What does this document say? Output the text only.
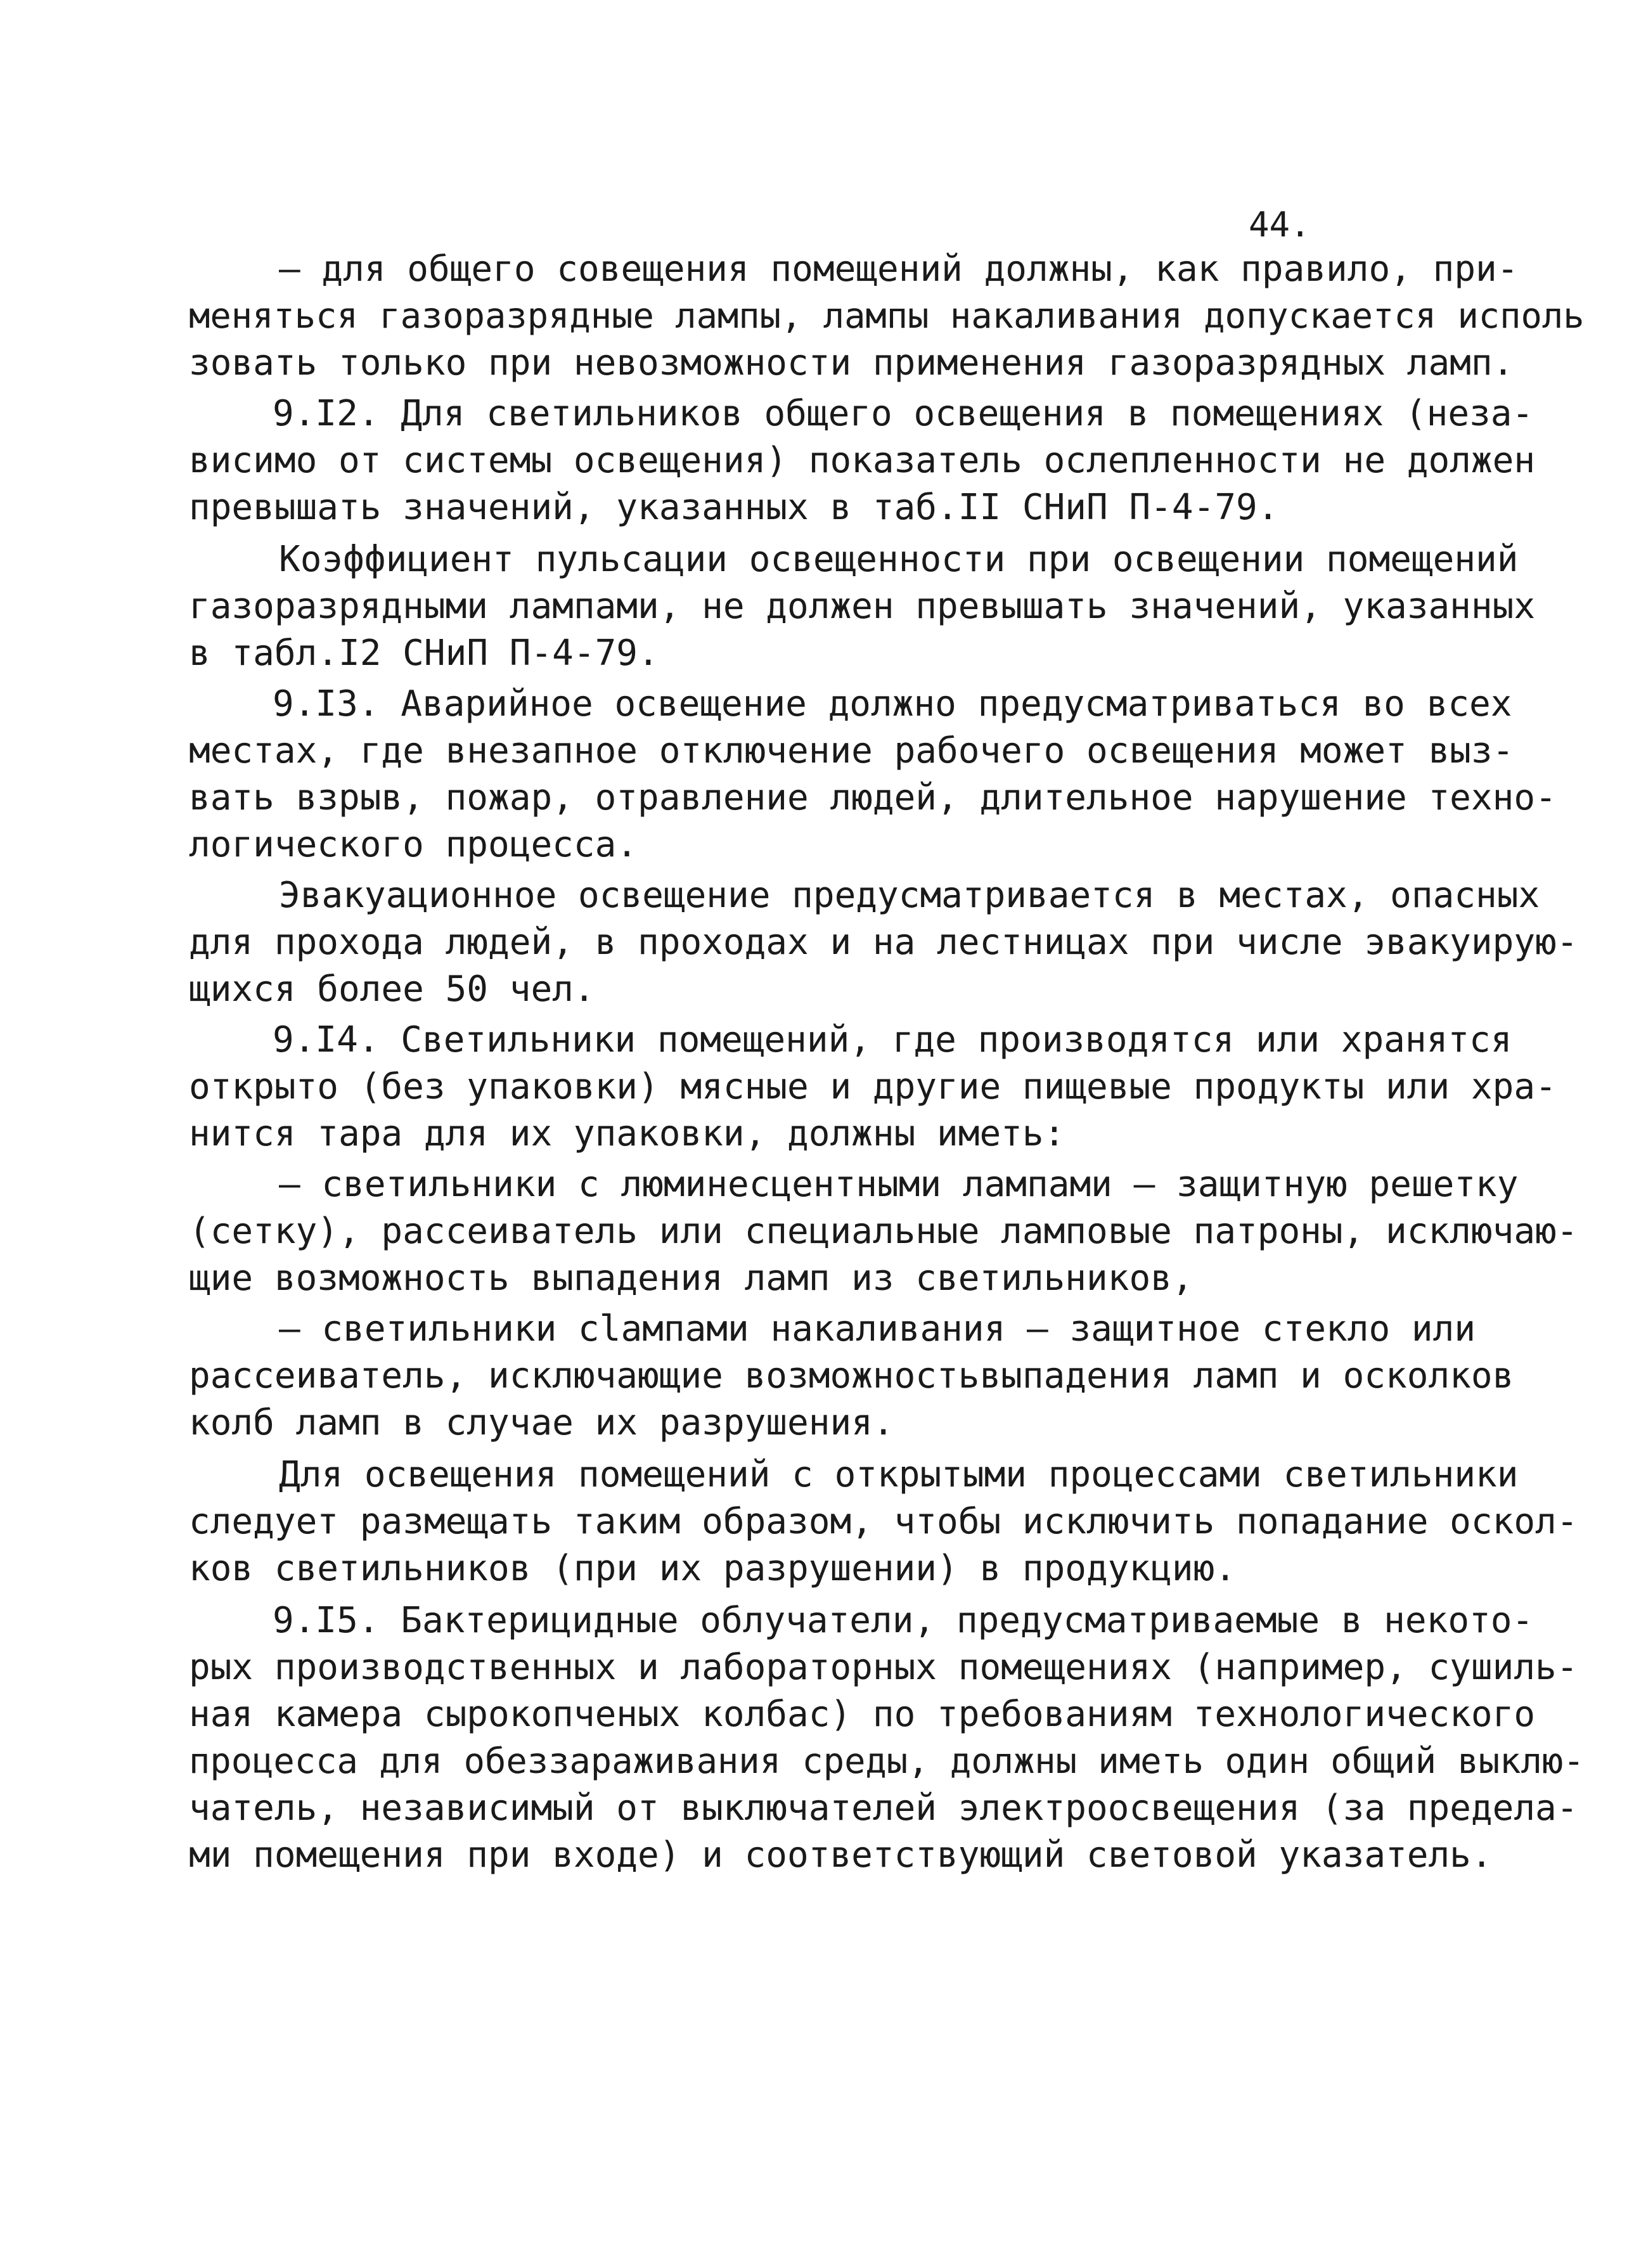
44.
– для общего совещения помещений должны, как правило, при-
меняться газоразрядные лампы, лампы накаливания допускается исполь
зовать только при невозможности применения газоразрядных ламп.
9.I2. Для светильников общего освещения в помещениях (неза-
висимо от системы освещения) показатель ослепленности не должен
превышать значений, указанных в таб.II СНиП П-4-79.
Коэффициент пульсации освещенности при освещении помещений
газоразрядными лампами, не должен превышать значений, указанных
в табл.I2 СНиП П-4-79.
9.I3. Аварийное освещение должно предусматриваться во всех
местах, где внезапное отключение рабочего освещения может выз-
вать взрыв, пожар, отравление людей, длительное нарушение техно-
логического процесса.
Эвакуационное освещение предусматривается в местах, опасных
для прохода людей, в проходах и на лестницах при числе эвакуирую-
щихся более 50 чел.
9.I4. Светильники помещений, где производятся или хранятся
открыто (без упаковки) мясные и другие пищевые продукты или хра-
нится тара для их упаковки, должны иметь:
– светильники с люминесцентными лампами – защитную решетку
(сетку), рассеиватель или специальные ламповые патроны, исключаю-
щие возможность выпадения ламп из светильников,
– светильники сlампами накаливания – защитное стекло или
рассеиватель, исключающие возможностьвыпадения ламп и осколков
колб ламп в случае их разрушения.
Для освещения помещений с открытыми процессами светильники
следует размещать таким образом, чтобы исключить попадание оскол-
ков светильников (при их разрушении) в продукцию.
9.I5. Бактерицидные облучатели, предусматриваемые в некото-
рых производственных и лабораторных помещениях (например, сушиль-
ная камера сырокопченых колбас) по требованиям технологического
процесса для обеззараживания среды, должны иметь один общий выклю-
чатель, независимый от выключателей электроосвещения (за предела-
ми помещения при входе) и соответствующий световой указатель.
